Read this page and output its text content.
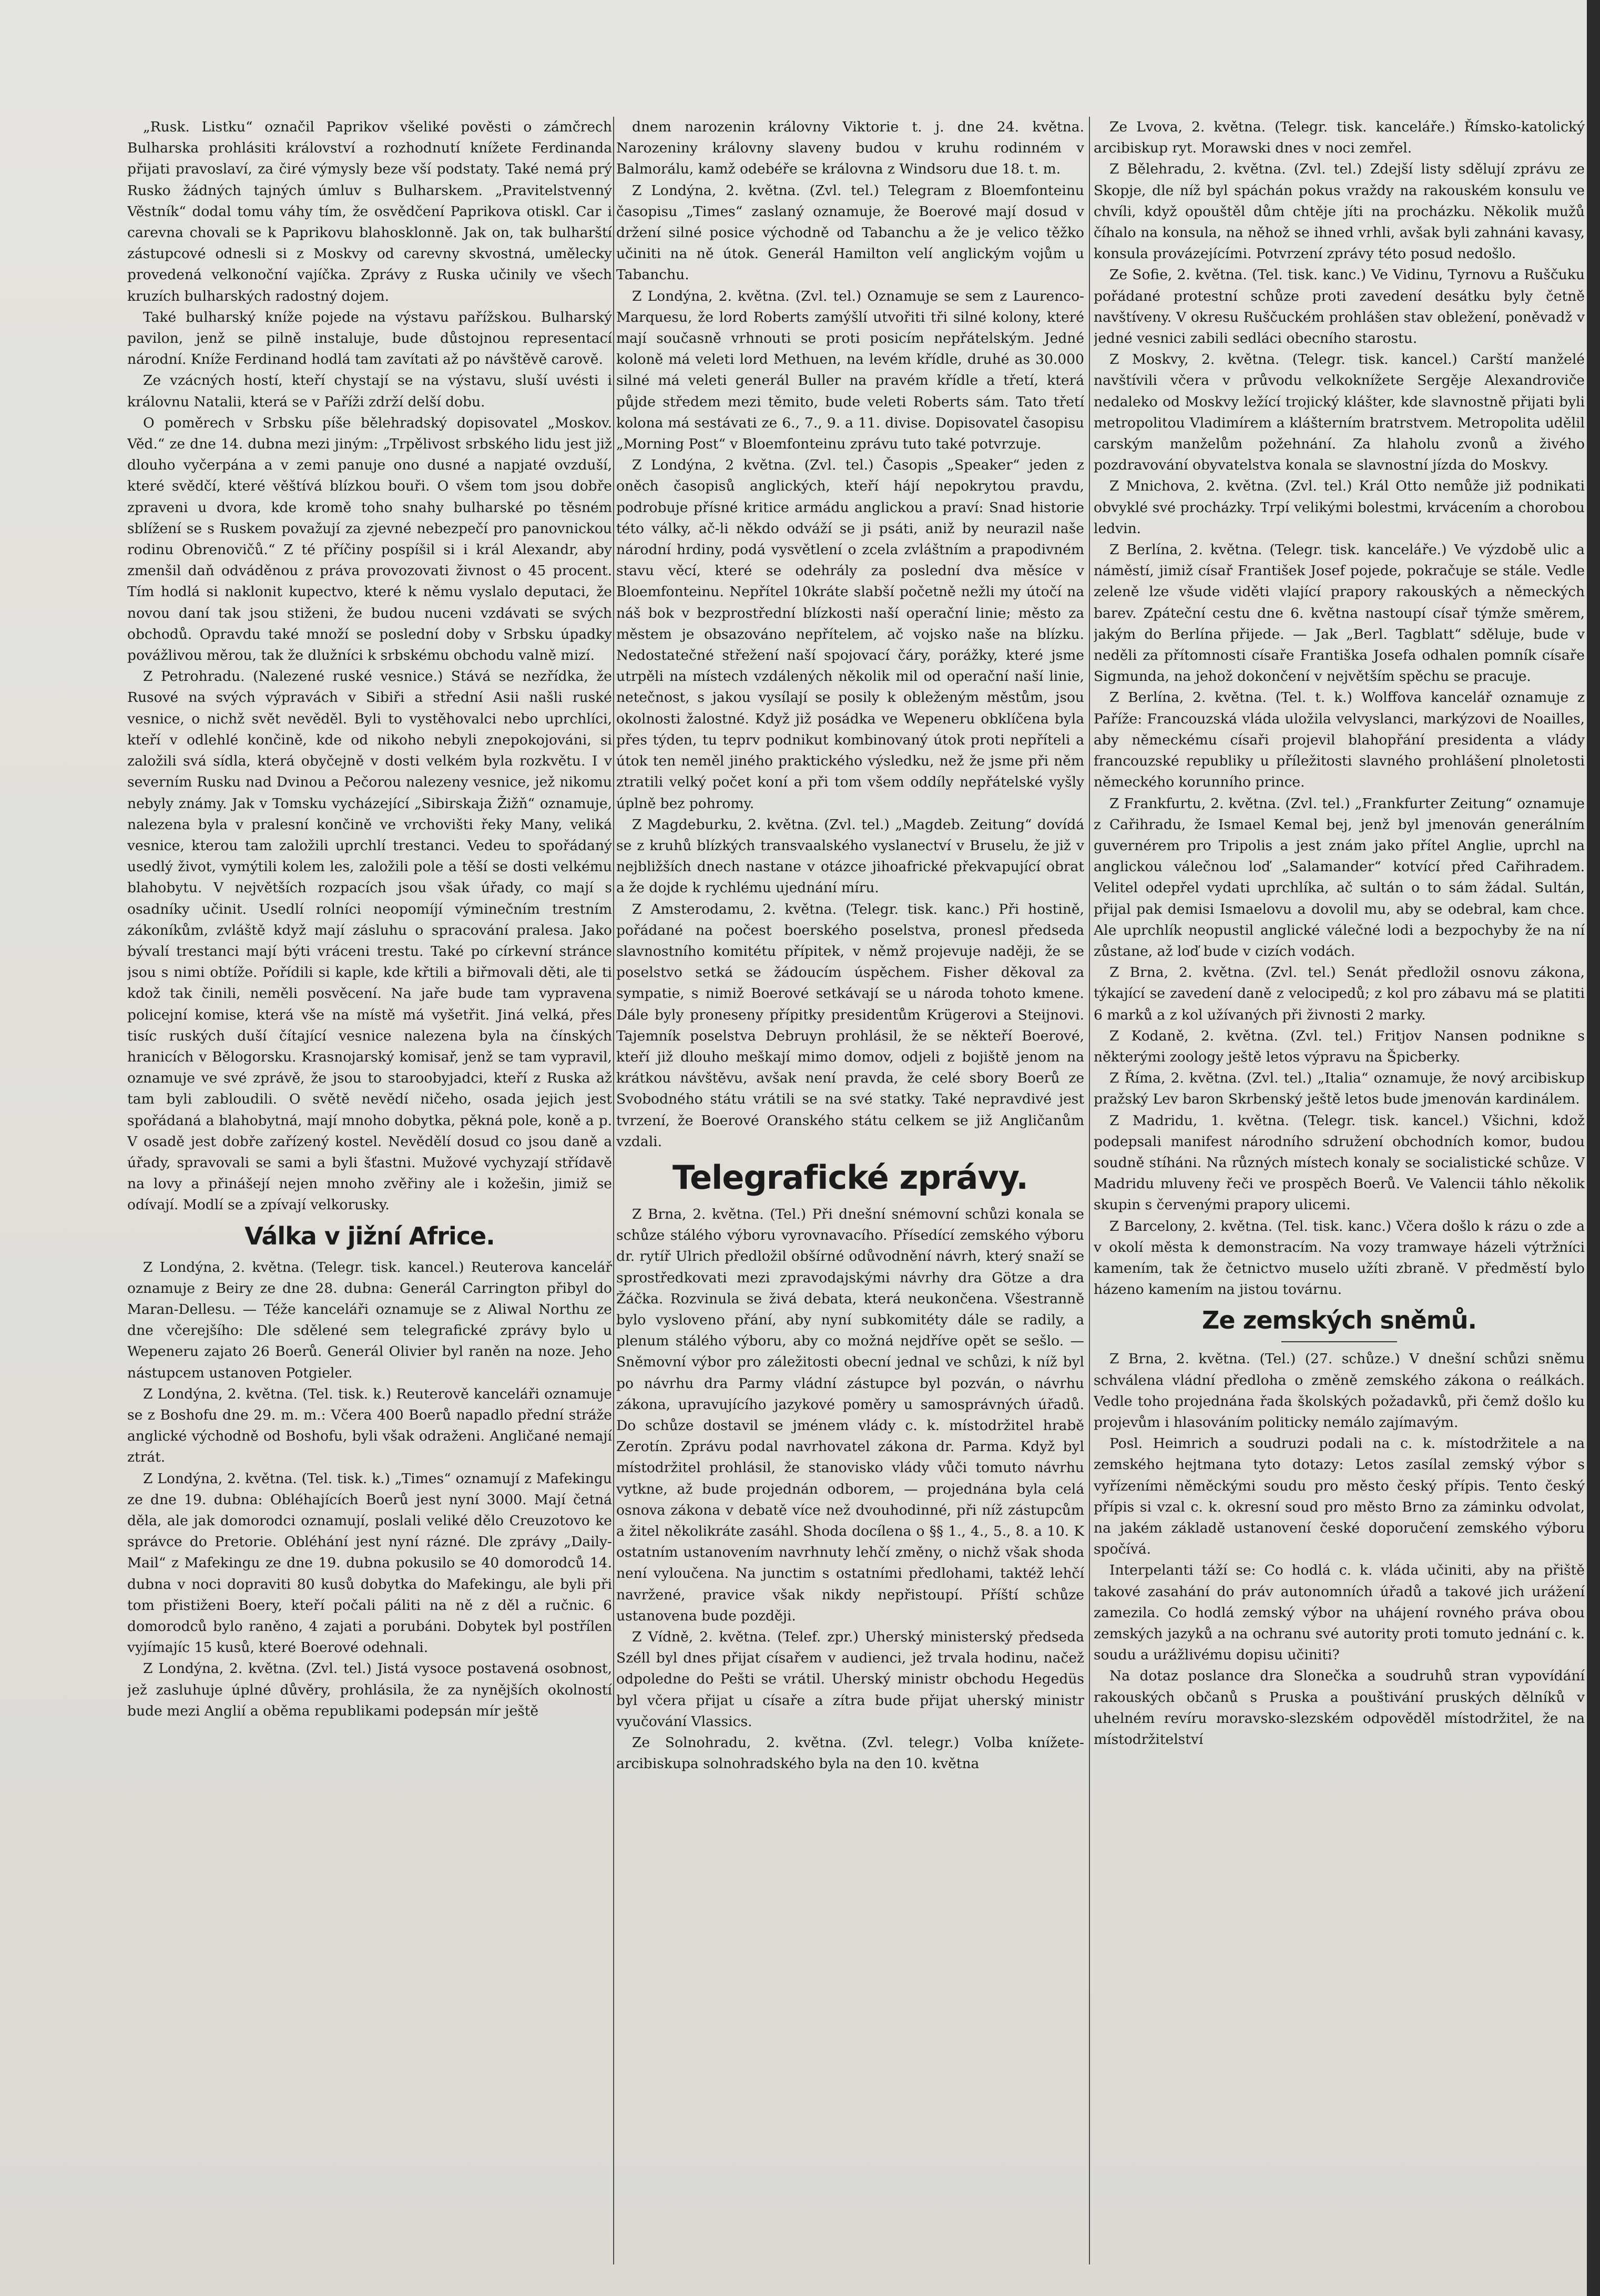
„Rusk. Listku“ označil Paprikov všeliké pověsti o zámčrech Bulharska prohlásiti království a rozhodnutí knížete Ferdinanda přijati pravoslaví, za čiré výmysly beze vší podstaty. Také nemá prý Rusko žádných tajných úmluv s Bulharskem. „Pravitelstvenný Věstník“ dodal tomu váhy tím, že osvědčení Paprikova otiskl. Car i carevna chovali se k Paprikovu blahosklonně. Jak on, tak bulharští zástupcové odnesli si z Moskvy od carevny skvostná, umělecky provedená velkonoční vajíčka. Zprávy z Ruska učinily ve všech kruzích bulharských radostný dojem.

Také bulharský kníže pojede na výstavu pařížskou. Bulharský pavilon, jenž se pilně instaluje, bude důstojnou representací národní. Kníže Ferdinand hodlá tam zavítati až po návštěvě carově.

Ze vzácných hostí, kteří chystají se na výstavu, sluší uvésti i královnu Natalii, která se v Paříži zdrží delší dobu.

O poměrech v Srbsku píše bělehradský dopisovatel „Moskov. Věd.“ ze dne 14. dubna mezi jiným: „Trpělivost srbského lidu jest již dlouho vyčerpána a v zemi panuje ono dusné a napjaté ovzduší, které svědčí, které věštívá blízkou bouři. O všem tom jsou dobře zpraveni u dvora, kde kromě toho snahy bulharské po těsném sblížení se s Ruskem považují za zjevné nebezpečí pro panovnickou rodinu Obrenovičů.“ Z té příčiny pospíšil si i král Alexandr, aby zmenšil daň odváděnou z práva provozovati živnost o 45 procent. Tím hodlá si naklonit kupectvo, které k němu vyslalo deputaci, že novou daní tak jsou stiženi, že budou nuceni vzdávati se svých obchodů. Opravdu také množí se poslední doby v Srbsku úpadky povážlivou měrou, tak že dlužníci k srbskému obchodu valně mizí.

Z Petrohradu. (Nalezené ruské vesnice.) Stává se nezřídka, že Rusové na svých výpravách v Sibiři a střední Asii našli ruské vesnice, o nichž svět nevěděl. Byli to vystěhovalci nebo uprchlíci, kteří v odlehlé končině, kde od nikoho nebyli znepokojováni, si založili svá sídla, která obyčejně v dosti velkém byla rozkvětu. I v severním Rusku nad Dvinou a Pečorou nalezeny vesnice, jež nikomu nebyly známy. Jak v Tomsku vycházející „Sibirskaja Žižň“ oznamuje, nalezena byla v pralesní končině ve vrchovišti řeky Many, veliká vesnice, kterou tam založili uprchlí trestanci. Vedeu to spořádaný usedlý život, vymýtili kolem les, založili pole a těší se dosti velkému blahobytu. V největších rozpacích jsou však úřady, co mají s osadníky učinit. Usedlí rolníci neopomíjí výminečním trestním zákoníkům, zvláště když mají zásluhu o spracování pralesa. Jako bývalí trestanci mají býti vráceni trestu. Také po církevní stránce jsou s nimi obtíže. Pořídili si kaple, kde křtili a biřmovali děti, ale ti kdož tak činili, neměli posvěcení. Na jaře bude tam vypravena policejní komise, která vše na místě má vyšetřit. Jiná velká, přes tisíc ruských duší čítající vesnice nalezena byla na čínských hranicích v Bělogorsku. Krasnojarský komisař, jenž se tam vypravil, oznamuje ve své zprávě, že jsou to staroobyjadci, kteří z Ruska až tam byli zabloudili. O světě nevědí ničeho, osada jejich jest spořádaná a blahobytná, mají mnoho dobytka, pěkná pole, koně a p. V osadě jest dobře zařízený kostel. Nevědělí dosud co jsou daně a úřady, spravovali se sami a byli šťastni. Mužové vychyzají střídavě na lovy a přinášejí nejen mnoho zvěřiny ale i kožešin, jimiž se odívají. Modlí se a zpívají velkorusky.

Válka v jižní Africe.

Z Londýna, 2. května. (Telegr. tisk. kancel.) Reuterova kancelář oznamuje z Beiry ze dne 28. dubna: Generál Carrington přibyl do Maran-Dellesu. — Téže kanceláři oznamuje se z Aliwal Northu ze dne včerejšího: Dle sdělené sem telegrafické zprávy bylo u Wepeneru zajato 26 Boerů. Generál Olivier byl raněn na noze. Jeho nástupcem ustanoven Potgieler.

Z Londýna, 2. května. (Tel. tisk. k.) Reuterově kanceláři oznamuje se z Boshofu dne 29. m. m.: Včera 400 Boerů napadlo přední stráže anglické východně od Boshofu, byli však odraženi. Angličané nemají ztrát.

Z Londýna, 2. května. (Tel. tisk. k.) „Times“ oznamují z Mafekingu ze dne 19. dubna: Obléhajících Boerů jest nyní 3000. Mají četná děla, ale jak domorodci oznamují, poslali veliké dělo Creuzotovo ke správce do Pretorie. Obléhání jest nyní rázné. Dle zprávy „Daily-Mail“ z Mafekingu ze dne 19. dubna pokusilo se 40 domorodců 14. dubna v noci dopraviti 80 kusů dobytka do Mafekingu, ale byli při tom přistiženi Boery, kteří počali páliti na ně z děl a ručnic. 6 domorodců bylo raněno, 4 zajati a porubáni. Dobytek byl postřílen vyjímajíc 15 kusů, které Boerové odehnali.

Z Londýna, 2. května. (Zvl. tel.) Jistá vysoce postavená osobnost, jež zasluhuje úplné důvěry, prohlásila, že za nynějších okolností bude mezi Anglií a oběma republikami podepsán mír ještě

dnem narozenin královny Viktorie t. j. dne 24. května. Narozeniny královny slaveny budou v kruhu rodinném v Balmorálu, kamž odebéře se královna z Windsoru due 18. t. m.

Z Londýna, 2. května. (Zvl. tel.) Telegram z Bloemfonteinu časopisu „Times“ zaslaný oznamuje, že Boerové mají dosud v držení silné posice východně od Tabanchu a že je velico těžko učiniti na ně útok. Generál Hamilton velí anglickým vojům u Tabanchu.

Z Londýna, 2. května. (Zvl. tel.) Oznamuje se sem z Laurenco-Marquesu, že lord Roberts zamýšlí utvořiti tři silné kolony, které mají současně vrhnouti se proti posicím nepřátelským. Jedné koloně má veleti lord Methuen, na levém křídle, druhé as 30.000 silné má veleti generál Buller na pravém křídle a třetí, která půjde středem mezi těmito, bude veleti Roberts sám. Tato třetí kolona má sestávati ze 6., 7., 9. a 11. divise. Dopisovatel časopisu „Morning Post“ v Bloemfonteinu zprávu tuto také potvrzuje.

Z Londýna, 2 května. (Zvl. tel.) Časopis „Speaker“ jeden z oněch časopisů anglických, kteří hájí nepokrytou pravdu, podrobuje přísné kritice armádu anglickou a praví: Snad historie této války, ač-li někdo odváží se ji psáti, aniž by neurazil naše národní hrdiny, podá vysvětlení o zcela zvláštním a prapodivném stavu věcí, které se odehrály za poslední dva měsíce v Bloemfonteinu. Nepřítel 10kráte slabší početně nežli my útočí na náš bok v bezprostřední blízkosti naší operační linie; město za městem je obsazováno nepřítelem, ač vojsko naše na blízku. Nedostatečné střežení naší spojovací čáry, porážky, které jsme utrpěli na místech vzdálených několik mil od operační naší linie, netečnost, s jakou vysílají se posily k obleženým městům, jsou okolnosti žalostné. Když již posádka ve Wepeneru obklíčena byla přes týden, tu teprv podnikut kombinovaný útok proti nepříteli a útok ten neměl jiného praktického výsledku, než že jsme při něm ztratili velký počet koní a při tom všem oddíly nepřátelské vyšly úplně bez pohromy.

Z Magdeburku, 2. května. (Zvl. tel.) „Magdeb. Zeitung“ dovídá se z kruhů blízkých transvaalského vyslanectví v Bruselu, že již v nejbližších dnech nastane v otázce jihoafrické překvapující obrat a že dojde k rychlému ujednání míru.

Z Amsterodamu, 2. května. (Telegr. tisk. kanc.) Při hostině, pořádané na počest boerského poselstva, pronesl předseda slavnostního komitétu přípitek, v němž projevuje naději, že se poselstvo setká se žádoucím úspěchem. Fisher děkoval za sympatie, s nimiž Boerové setkávají se u národa tohoto kmene. Dále byly proneseny přípitky presidentům Krügerovi a Steijnovi. Tajemník poselstva Debruyn prohlásil, že se někteří Boerové, kteří již dlouho meškají mimo domov, odjeli z bojiště jenom na krátkou návštěvu, avšak není pravda, že celé sbory Boerů ze Svobodného státu vrátili se na své statky. Také nepravdivé jest tvrzení, že Boerové Oranského státu celkem se již Angličanům vzdali.

Telegrafické zprávy.

Z Brna, 2. května. (Tel.) Při dnešní snémovní schůzi konala se schůze stálého výboru vyrovnavacího. Přísedící zemského výboru dr. rytíř Ulrich předložil obšírné odůvodnění návrh, který snaží se sprostředkovati mezi zpravodajskými návrhy dra Götze a dra Žáčka. Rozvinula se živá debata, která neukončena. Všestranně bylo vysloveno přání, aby nyní subkomitéty dále se radily, a plenum stálého výboru, aby co možná nejdříve opět se sešlo. — Sněmovní výbor pro záležitosti obecní jednal ve schůzi, k níž byl po návrhu dra Parmy vládní zástupce byl pozván, o návrhu zákona, upravujícího jazykové poměry u samosprávných úřadů. Do schůze dostavil se jménem vlády c. k. místodržitel hrabě Zerotín. Zprávu podal navrhovatel zákona dr. Parma. Když byl místodržitel prohlásil, že stanovisko vlády vůči tomuto návrhu vytkne, až bude projednán odborem, — projednána byla celá osnova zákona v debatě více než dvouhodinné, při níž zástupcům a žitel několikráte zasáhl. Shoda docílena o §§ 1., 4., 5., 8. a 10. K ostatním ustanovením navrhnuty lehčí změny, o nichž však shoda není vyloučena. Na junctim s ostatními předlohami, taktéž lehčí navržené, pravice však nikdy nepřistoupí. Příští schůze ustanovena bude později.

Z Vídně, 2. května. (Telef. zpr.) Uherský ministerský předseda Széll byl dnes přijat císařem v audienci, jež trvala hodinu, načež odpoledne do Pešti se vrátil. Uherský ministr obchodu Hegedüs byl včera přijat u císaře a zítra bude přijat uherský ministr vyučování Vlassics.

Ze Solnohradu, 2. května. (Zvl. telegr.) Volba knížete-arcibiskupa solnohradského byla na den 10. května

Ze Lvova, 2. května. (Telegr. tisk. kanceláře.) Římsko-katolický arcibiskup ryt. Morawski dnes v noci zemřel.

Z Bělehradu, 2. května. (Zvl. tel.) Zdejší listy sdělují zprávu ze Skopje, dle níž byl spáchán pokus vraždy na rakouském konsulu ve chvíli, když opouštěl dům chtěje jíti na procházku. Několik mužů číhalo na konsula, na něhož se ihned vrhli, avšak byli zahnáni kavasy, konsula provázejícími. Potvrzení zprávy této posud nedošlo.

Ze Sofie, 2. května. (Tel. tisk. kanc.) Ve Vidinu, Tyrnovu a Ruščuku pořádané protestní schůze proti zavedení desátku byly četně navštíveny. V okresu Ruščuckém prohlášen stav obležení, poněvadž v jedné vesnici zabili sedláci obecního starostu.

Z Moskvy, 2. května. (Telegr. tisk. kancel.) Carští manželé navštívili včera v průvodu velkoknížete Sergěje Alexandroviče nedaleko od Moskvy ležící trojický klášter, kde slavnostně přijati byli metropolitou Vladimírem a klášterním bratrstvem. Metropolita udělil carským manželům požehnání. Za hlaholu zvonů a živého pozdravování obyvatelstva konala se slavnostní jízda do Moskvy.

Z Mnichova, 2. května. (Zvl. tel.) Král Otto nemůže již podnikati obvyklé své procházky. Trpí velikými bolestmi, krvácením a chorobou ledvin.

Z Berlína, 2. května. (Telegr. tisk. kanceláře.) Ve výzdobě ulic a náměstí, jimiž císař František Josef pojede, pokračuje se stále. Vedle zeleně lze všude viděti vlající prapory rakouských a německých barev. Zpáteční cestu dne 6. května nastoupí císař týmže směrem, jakým do Berlína přijede. — Jak „Berl. Tagblatt“ sděluje, bude v neděli za přítomnosti císaře Františka Josefa odhalen pomník císaře Sigmunda, na jehož dokončení v největším spěchu se pracuje.

Z Berlína, 2. května. (Tel. t. k.) Wolffova kancelář oznamuje z Paříže: Francouzská vláda uložila velvyslanci, markýzovi de Noailles, aby německému císaři projevil blahopřání presidenta a vlády francouzské republiky u příležitosti slavného prohlášení plnoletosti německého korunního prince.

Z Frankfurtu, 2. května. (Zvl. tel.) „Frankfurter Zeitung“ oznamuje z Cařihradu, že Ismael Kemal bej, jenž byl jmenován generálním guvernérem pro Tripolis a jest znám jako přítel Anglie, uprchl na anglickou válečnou loď „Salamander“ kotvící před Cařihradem. Velitel odepřel vydati uprchlíka, ač sultán o to sám žádal. Sultán, přijal pak demisi Ismaelovu a dovolil mu, aby se odebral, kam chce. Ale uprchlík neopustil anglické válečné lodi a bezpochyby že na ní zůstane, až loď bude v cizích vodách.

Z Brna, 2. května. (Zvl. tel.) Senát předložil osnovu zákona, týkající se zavedení daně z velocipedů; z kol pro zábavu má se platiti 6 marků a z kol užívaných při živnosti 2 marky.

Z Kodaně, 2. května. (Zvl. tel.) Fritjov Nansen podnikne s některými zoology ještě letos výpravu na Špicberky.

Z Říma, 2. května. (Zvl. tel.) „Italia“ oznamuje, že nový arcibiskup pražský Lev baron Skrbenský ještě letos bude jmenován kardinálem.

Z Madridu, 1. května. (Telegr. tisk. kancel.) Všichni, kdož podepsali manifest národního sdružení obchodních komor, budou soudně stíháni. Na různých místech konaly se socialistické schůze. V Madridu mluveny řeči ve prospěch Boerů. Ve Valencii táhlo několik skupin s červenými prapory ulicemi.

Z Barcelony, 2. května. (Tel. tisk. kanc.) Včera došlo k rázu o zde a v okolí města k demonstracím. Na vozy tramwaye házeli výtržníci kamením, tak že četnictvo muselo užíti zbraně. V předměstí bylo házeno kamením na jistou továrnu.

Ze zemských sněmů.

Z Brna, 2. května. (Tel.) (27. schůze.) V dnešní schůzi sněmu schválena vládní předloha o změně zemského zákona o reálkách. Vedle toho projednána řada školských požadavků, při čemž došlo ku projevům i hlasováním politicky nemálo zajímavým.

Posl. Heimrich a soudruzi podali na c. k. místodržitele a na zemského hejtmana tyto dotazy: Letos zasílal zemský výbor s vyřízeními něměckými soudu pro město český přípis. Tento český přípis si vzal c. k. okresní soud pro město Brno za záminku odvolat, na jakém základě ustanovení české doporučení zemského výboru spočívá.

Interpelanti táží se: Co hodlá c. k. vláda učiniti, aby na přiště takové zasahání do práv autonomních úřadů a takové jich urážení zamezila. Co hodlá zemský výbor na uhájení rovného práva obou zemských jazyků a na ochranu své autority proti tomuto jednání c. k. soudu a urážlivému dopisu učiniti?

Na dotaz poslance dra Slonečka a soudruhů stran vypovídání rakouských občanů s Pruska a pouštivání pruských dělníků v uhelném revíru moravsko-slezském odpověděl místodržitel, že na místodržitelství
